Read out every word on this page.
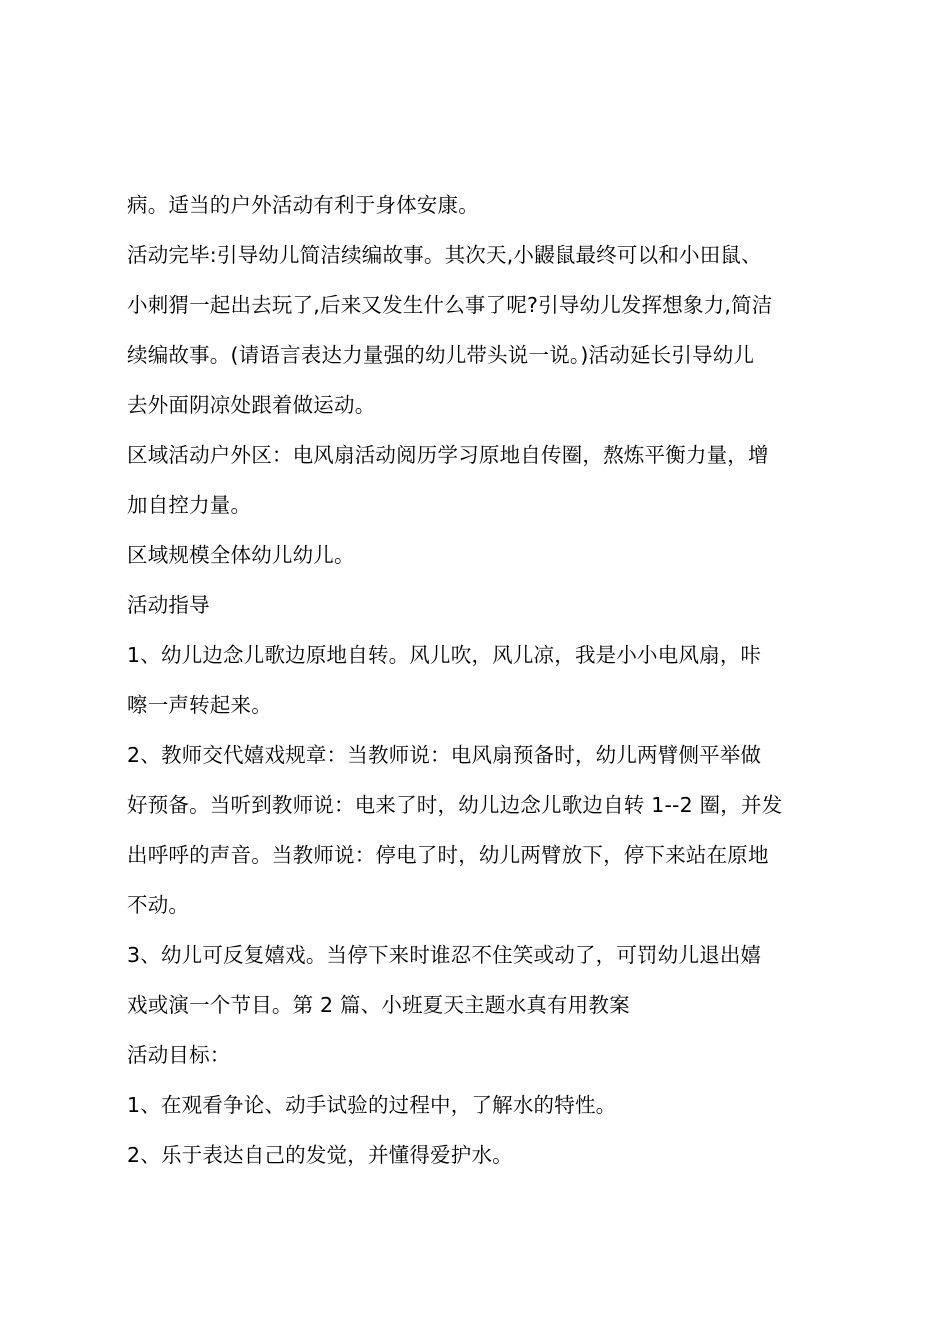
病。适当的户外活动有利于身体安康。

活动完毕:引导幼儿简洁续编故事。其次天,小鼹鼠最终可以和小田鼠、

小刺猬一起出去玩了,后来又发生什么事了呢?引导幼儿发挥想象力,简洁

续编故事。(请语言表达力量强的幼儿带头说一说。)活动延长引导幼儿

去外面阴凉处跟着做运动。

区域活动户外区：电风扇活动阅历学习原地自传圈，熬炼平衡力量，增

加自控力量。

区域规模全体幼儿幼儿。

活动指导

1、幼儿边念儿歌边原地自转。风儿吹，风儿凉，我是小小电风扇，咔

嚓一声转起来。

2、教师交代嬉戏规章：当教师说：电风扇预备时，幼儿两臂侧平举做

好预备。当听到教师说：电来了时，幼儿边念儿歌边自转 1--2 圈，并发

出呼呼的声音。当教师说：停电了时，幼儿两臂放下，停下来站在原地

不动。

3、幼儿可反复嬉戏。当停下来时谁忍不住笑或动了，可罚幼儿退出嬉

戏或演一个节目。第 2 篇、小班夏天主题水真有用教案

活动目标：

1、在观看争论、动手试验的过程中，了解水的特性。

2、乐于表达自己的发觉，并懂得爱护水。
